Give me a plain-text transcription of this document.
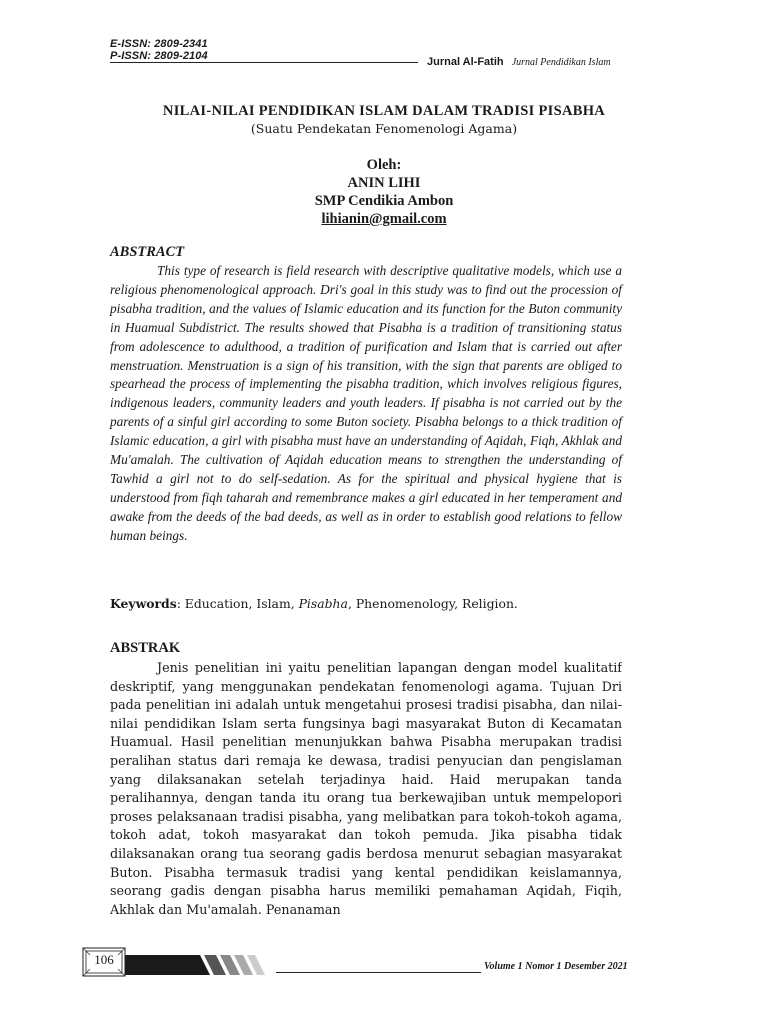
E-ISSN: 2809-2341
P-ISSN: 2809-2104	Jurnal Al-Fatih Jurnal Pendidikan Islam
NILAI-NILAI PENDIDIKAN ISLAM DALAM TRADISI PISABHA
(Suatu Pendekatan Fenomenologi Agama)
Oleh:
ANIN LIHI
SMP Cendikia Ambon
lihianin@gmail.com
ABSTRACT

This type of research is field research with descriptive qualitative models, which use a religious phenomenological approach. Dri's goal in this study was to find out the procession of pisabha tradition, and the values of Islamic education and its function for the Buton community in Huamual Subdistrict. The results showed that Pisabha is a tradition of transitioning status from adolescence to adulthood, a tradition of purification and Islam that is carried out after menstruation. Menstruation is a sign of his transition, with the sign that parents are obliged to spearhead the process of implementing the pisabha tradition, which involves religious figures, indigenous leaders, community leaders and youth leaders. If pisabha is not carried out by the parents of a sinful girl according to some Buton society. Pisabha belongs to a thick tradition of Islamic education, a girl with pisabha must have an understanding of Aqidah, Fiqh, Akhlak and Mu'amalah. The cultivation of Aqidah education means to strengthen the understanding of Tawhid a girl not to do self-sedation. As for the spiritual and physical hygiene that is understood from fiqh taharah and remembrance makes a girl educated in her temperament and awake from the deeds of the bad deeds, as well as in order to establish good relations to fellow human beings.

Keywords: Education, Islam, Pisabha, Phenomenology, Religion.
ABSTRAK

Jenis penelitian ini yaitu penelitian lapangan dengan model kualitatif deskriptif, yang menggunakan pendekatan fenomenologi agama. Tujuan Dri pada penelitian ini adalah untuk mengetahui prosesi tradisi pisabha, dan nilai-nilai pendidikan Islam serta fungsinya bagi masyarakat Buton di Kecamatan Huamual. Hasil penelitian menunjukkan bahwa Pisabha merupakan tradisi peralihan status dari remaja ke dewasa, tradisi penyucian dan pengislaman yang dilaksanakan setelah terjadinya haid. Haid merupakan tanda peralihannya, dengan tanda itu orang tua berkewajiban untuk mempelopori proses pelaksanaan tradisi pisabha, yang melibatkan para tokoh-tokoh agama, tokoh adat, tokoh masyarakat dan tokoh pemuda. Jika pisabha tidak dilaksanakan orang tua seorang gadis berdosa menurut sebagian masyarakat Buton. Pisabha termasuk tradisi yang kental pendidikan keislamannya, seorang gadis dengan pisabha harus memiliki pemahaman Aqidah, Fiqih, Akhlak dan Mu'amalah. Penanaman

106	Volume 1 Nomor 1 Desember 2021
